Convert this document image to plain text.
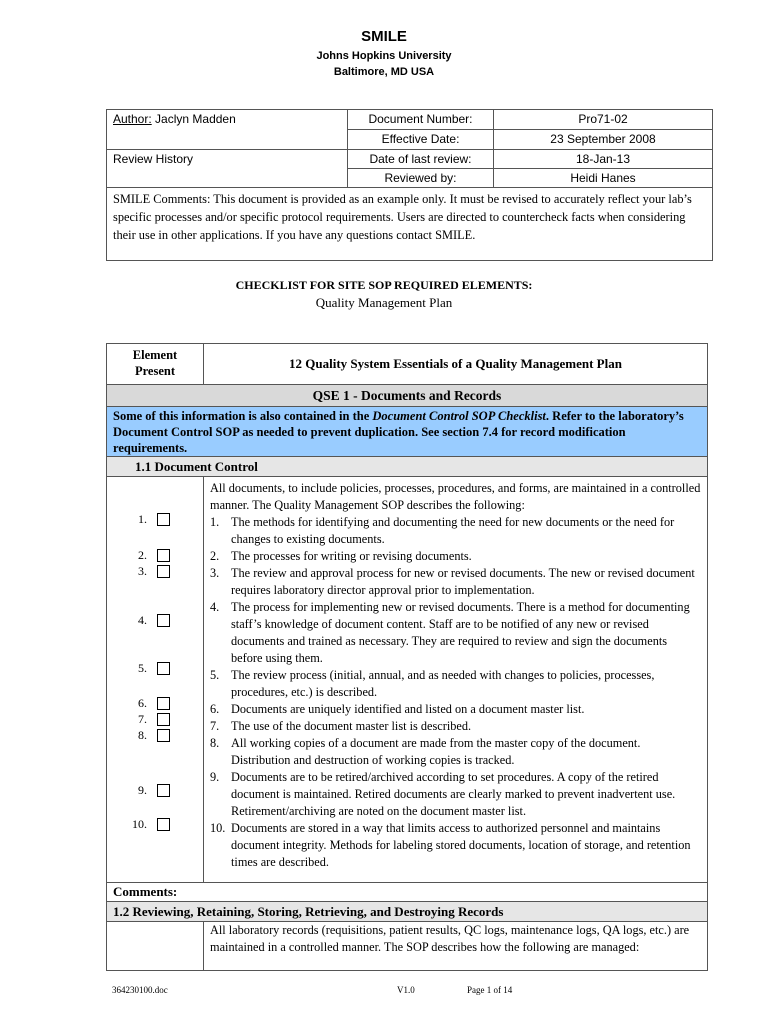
SMILE
Johns Hopkins University
Baltimore, MD USA
Author: Jaclyn Madden	Document Number:	Pro71-02
Effective Date:	23 September 2008
Review History	Date of last review:	18-Jan-13
Reviewed by:	Heidi Hanes
SMILE Comments: This document is provided as an example only. It must be revised to accurately reflect your lab’s specific processes and/or specific protocol requirements. Users are directed to countercheck facts when considering their use in other applications. If you have any questions contact SMILE.
CHECKLIST FOR SITE SOP REQUIRED ELEMENTS:
Quality Management Plan
Element
Present	12 Quality System Essentials of a Quality Management Plan
QSE 1 - Documents and Records
Some of this information is also contained in the Document Control SOP Checklist. Refer to the laboratory’s Document Control SOP as needed to prevent duplication. See section 7.4 for record modification requirements.
1.1 Document Control
1.
2.
3.
4.
5.
6.
7.
8.
9.
10.
All documents, to include policies, processes, procedures, and forms, are maintained in a controlled manner. The Quality Management SOP describes the following:
1. The methods for identifying and documenting the need for new documents or the need for changes to existing documents.
2. The processes for writing or revising documents.
3. The review and approval process for new or revised documents. The new or revised document requires laboratory director approval prior to implementation.
4. The process for implementing new or revised documents. There is a method for documenting staff’s knowledge of document content. Staff are to be notified of any new or revised documents and trained as necessary. They are required to review and sign the documents before using them.
5. The review process (initial, annual, and as needed with changes to policies, processes, procedures, etc.) is described.
6. Documents are uniquely identified and listed on a document master list.
7. The use of the document master list is described.
8. All working copies of a document are made from the master copy of the document. Distribution and destruction of working copies is tracked.
9. Documents are to be retired/archived according to set procedures. A copy of the retired document is maintained. Retired documents are clearly marked to prevent inadvertent use. Retirement/archiving are noted on the document master list.
10. Documents are stored in a way that limits access to authorized personnel and maintains document integrity. Methods for labeling stored documents, location of storage, and retention times are described.
Comments:
1.2 Reviewing, Retaining, Storing, Retrieving, and Destroying Records
All laboratory records (requisitions, patient results, QC logs, maintenance logs, QA logs, etc.) are maintained in a controlled manner. The SOP describes how the following are managed:
364230100.doc	V1.0	Page 1 of 14
